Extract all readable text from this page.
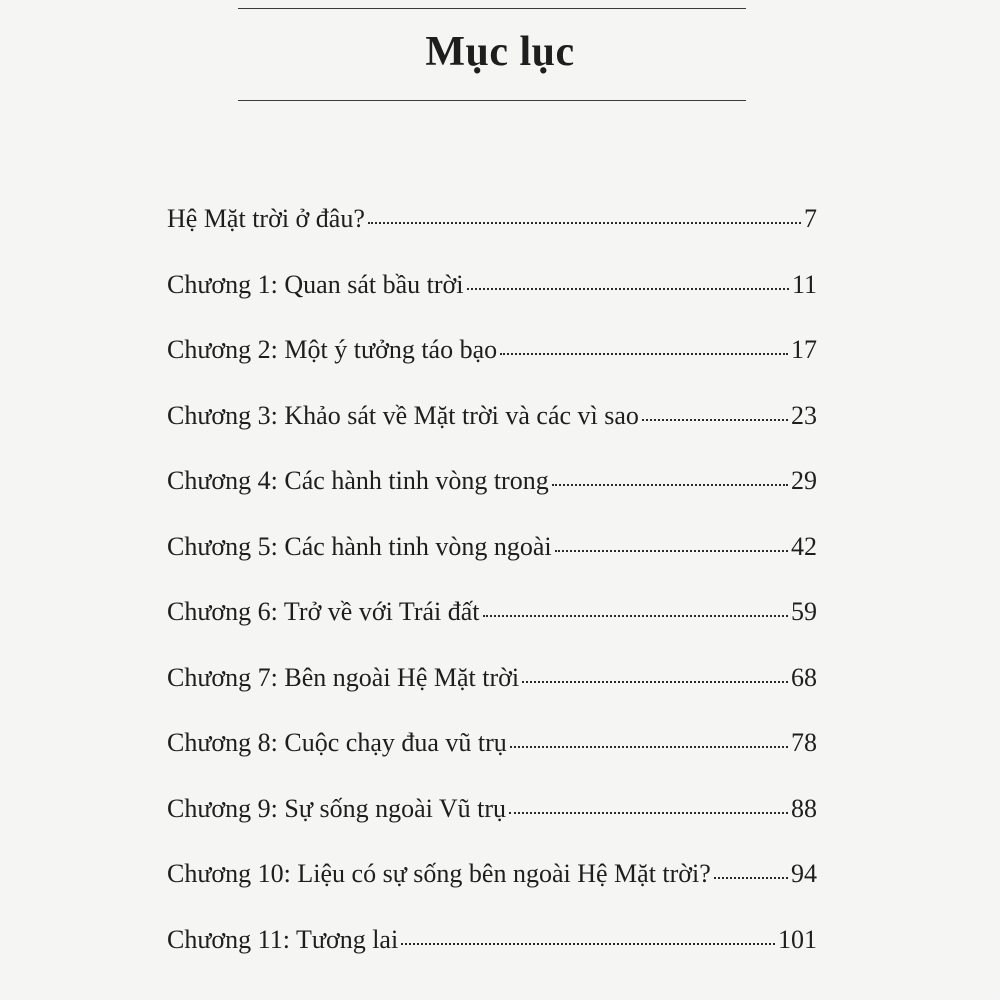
Mục lục
Hệ Mặt trời ở đâu?	7
Chương 1: Quan sát bầu trời	11
Chương 2: Một ý tưởng táo bạo	17
Chương 3: Khảo sát về Mặt trời và các vì sao	23
Chương 4: Các hành tinh vòng trong	29
Chương 5: Các hành tinh vòng ngoài	42
Chương 6: Trở về với Trái đất	59
Chương 7: Bên ngoài Hệ Mặt trời	68
Chương 8: Cuộc chạy đua vũ trụ	78
Chương 9: Sự sống ngoài Vũ trụ	88
Chương 10: Liệu có sự sống bên ngoài Hệ Mặt trời?	94
Chương 11: Tương lai	101
